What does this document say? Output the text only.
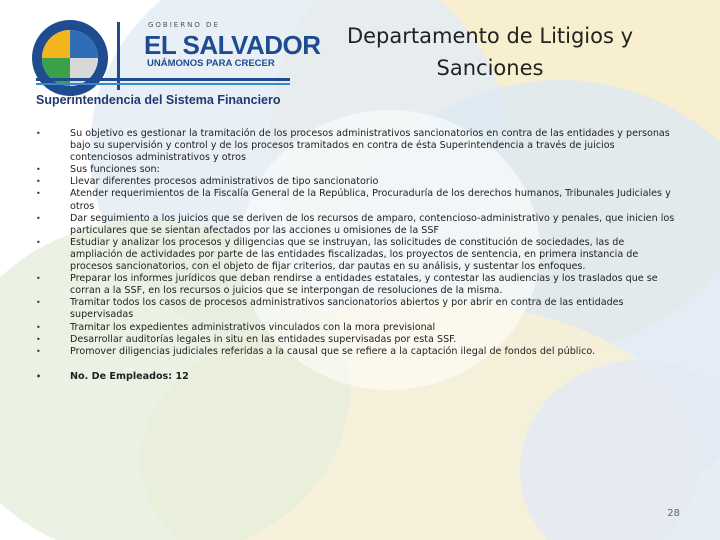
GOBIERNO DE
EL SALVADOR
UNÁMONOS PARA CRECER
Superintendencia del Sistema Financiero
Departamento de Litigios y Sanciones
•	Su objetivo es gestionar la tramitación de los procesos administrativos sancionatorios en contra de las entidades y personas bajo su supervisión y control y de los procesos tramitados en contra de ésta Superintendencia a través de juicios contenciosos administrativos y otros
•	Sus funciones son:
•	Llevar diferentes procesos administrativos de tipo sancionatorio
•	Atender requerimientos de la Fiscalía General de la República, Procuraduría de los derechos humanos, Tribunales Judiciales y otros
•	Dar seguimiento a los juicios que se deriven de los recursos de amparo, contencioso-administrativo y penales, que inicien los particulares que se sientan afectados por las acciones u omisiones de la SSF
•	Estudiar y analizar los procesos y diligencias que se instruyan, las solicitudes de constitución de sociedades, las de ampliación de actividades por parte de las entidades fiscalizadas, los proyectos de sentencia, en primera instancia de procesos sancionatorios, con el objeto de fijar criterios, dar pautas en su análisis, y sustentar los enfoques.
•	Preparar los informes jurídicos que deban rendirse a entidades estatales, y contestar las audiencias y los traslados que se corran a la SSF, en los recursos o juicios que se interpongan de resoluciones de la misma.
•	Tramitar todos los casos de procesos administrativos sancionatorios abiertos y por abrir en contra de las entidades supervisadas
•	Tramitar los expedientes administrativos vinculados con la mora previsional
•	Desarrollar auditorías legales in situ en las entidades supervisadas por esta SSF.
•	Promover diligencias judiciales referidas a la causal que se refiere a la captación ilegal de fondos del público.
•	No. De Empleados: 12
28
